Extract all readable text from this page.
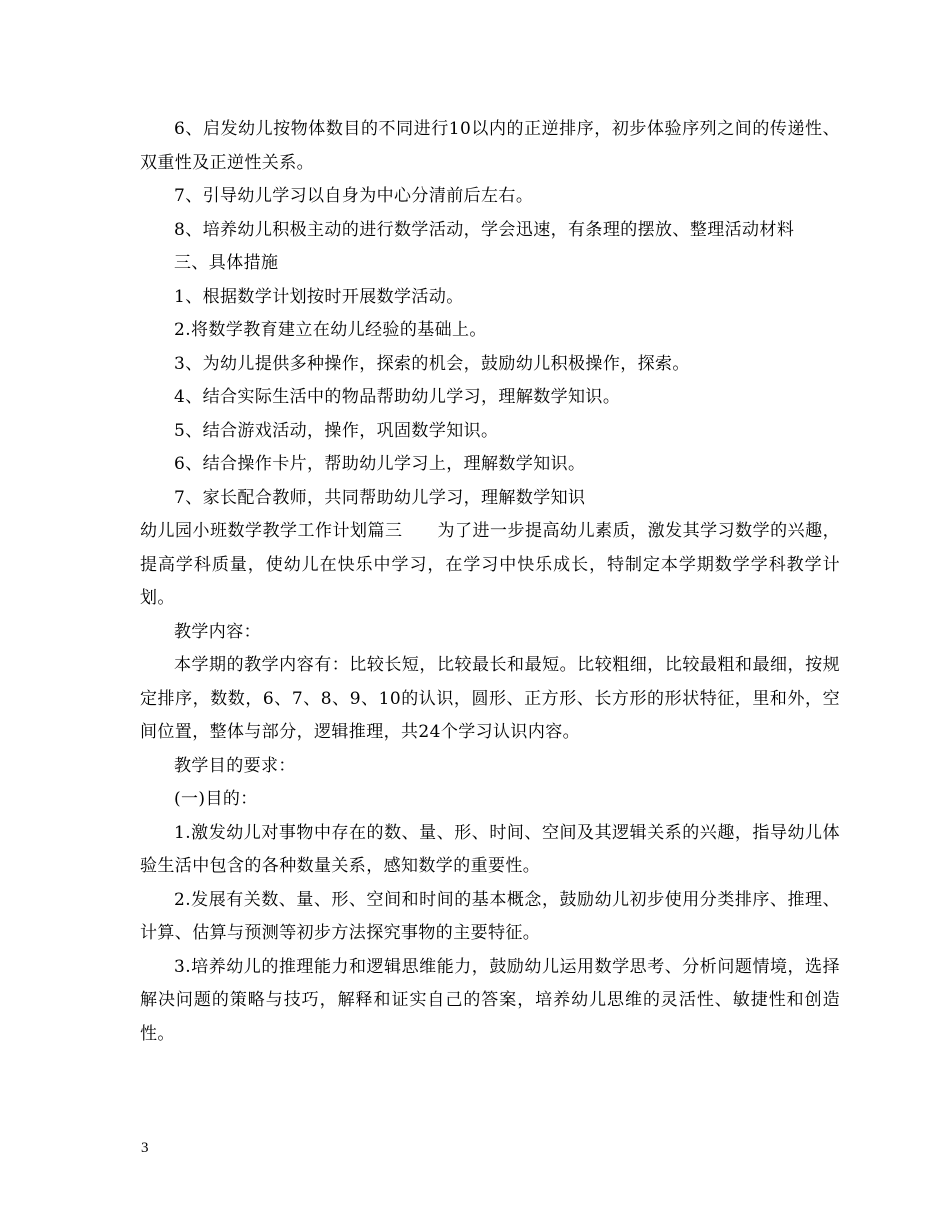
6、启发幼儿按物体数目的不同进行10以内的正逆排序，初步体验序列之间的传递性、双重性及正逆性关系。

7、引导幼儿学习以自身为中心分清前后左右。

8、培养幼儿积极主动的进行数学活动，学会迅速，有条理的摆放、整理活动材料

三、具体措施

1、根据数学计划按时开展数学活动。

2.将数学教育建立在幼儿经验的基础上。

3、为幼儿提供多种操作，探索的机会，鼓励幼儿积极操作，探索。

4、结合实际生活中的物品帮助幼儿学习，理解数学知识。

5、结合游戏活动，操作，巩固数学知识。

6、结合操作卡片，帮助幼儿学习上，理解数学知识。

7、家长配合教师，共同帮助幼儿学习，理解数学知识

幼儿园小班数学教学工作计划篇三　　为了进一步提高幼儿素质，激发其学习数学的兴趣，提高学科质量，使幼儿在快乐中学习，在学习中快乐成长，特制定本学期数学学科教学计划。

教学内容：

本学期的教学内容有：比较长短，比较最长和最短。比较粗细，比较最粗和最细，按规定排序，数数，6、7、8、9、10的认识，圆形、正方形、长方形的形状特征，里和外，空间位置，整体与部分，逻辑推理，共24个学习认识内容。

教学目的要求：

(一)目的：

1.激发幼儿对事物中存在的数、量、形、时间、空间及其逻辑关系的兴趣，指导幼儿体验生活中包含的各种数量关系，感知数学的重要性。

2.发展有关数、量、形、空间和时间的基本概念，鼓励幼儿初步使用分类排序、推理、计算、估算与预测等初步方法探究事物的主要特征。

3.培养幼儿的推理能力和逻辑思维能力，鼓励幼儿运用数学思考、分析问题情境，选择解决问题的策略与技巧，解释和证实自己的答案，培养幼儿思维的灵活性、敏捷性和创造性。

3
